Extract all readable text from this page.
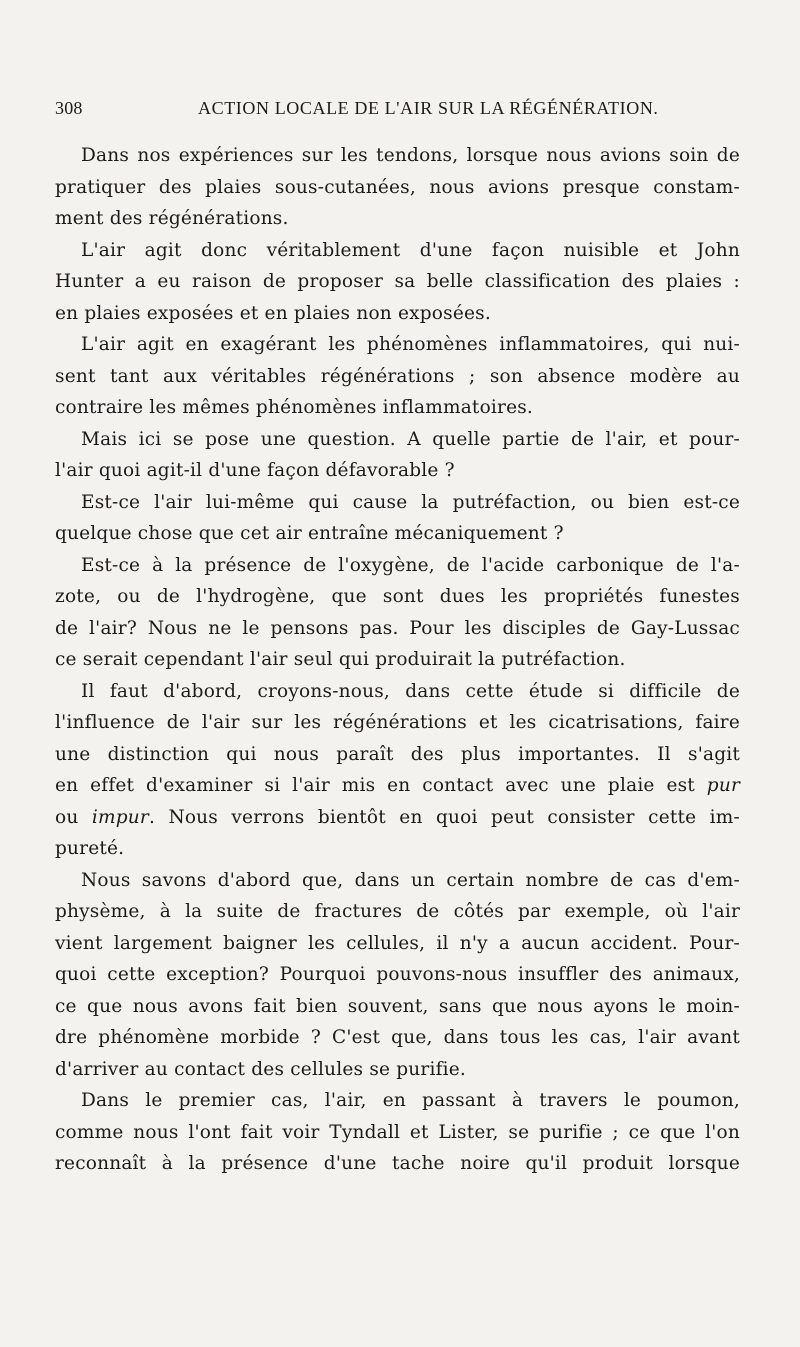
308	ACTION LOCALE DE L'AIR SUR LA RÉGÉNÉRATION.
Dans nos expériences sur les tendons, lorsque nous avions soin de
pratiquer des plaies sous-cutanées, nous avions presque constam-
ment des régénérations.
L'air agit donc véritablement d'une façon nuisible et John
Hunter a eu raison de proposer sa belle classification des plaies :
en plaies exposées et en plaies non exposées.
L'air agit en exagérant les phénomènes inflammatoires, qui nui-
sent tant aux véritables régénérations ; son absence modère au
contraire les mêmes phénomènes inflammatoires.
Mais ici se pose une question. A quelle partie de l'air, et pour-
l'air quoi agit-il d'une façon défavorable ?
Est-ce l'air lui-même qui cause la putréfaction, ou bien est-ce
quelque chose que cet air entraîne mécaniquement ?
Est-ce à la présence de l'oxygène, de l'acide carbonique de l'a-
zote, ou de l'hydrogène, que sont dues les propriétés funestes
de l'air? Nous ne le pensons pas. Pour les disciples de Gay-Lussac
ce serait cependant l'air seul qui produirait la putréfaction.
Il faut d'abord, croyons-nous, dans cette étude si difficile de
l'influence de l'air sur les régénérations et les cicatrisations, faire
une distinction qui nous paraît des plus importantes. Il s'agit
en effet d'examiner si l'air mis en contact avec une plaie est pur
ou impur. Nous verrons bientôt en quoi peut consister cette im-
pureté.
Nous savons d'abord que, dans un certain nombre de cas d'em-
physème, à la suite de fractures de côtés par exemple, où l'air
vient largement baigner les cellules, il n'y a aucun accident. Pour-
quoi cette exception? Pourquoi pouvons-nous insuffler des animaux,
ce que nous avons fait bien souvent, sans que nous ayons le moin-
dre phénomène morbide ? C'est que, dans tous les cas, l'air avant
d'arriver au contact des cellules se purifie.
Dans le premier cas, l'air, en passant à travers le poumon,
comme nous l'ont fait voir Tyndall et Lister, se purifie ; ce que l'on
reconnaît à la présence d'une tache noire qu'il produit lorsque
